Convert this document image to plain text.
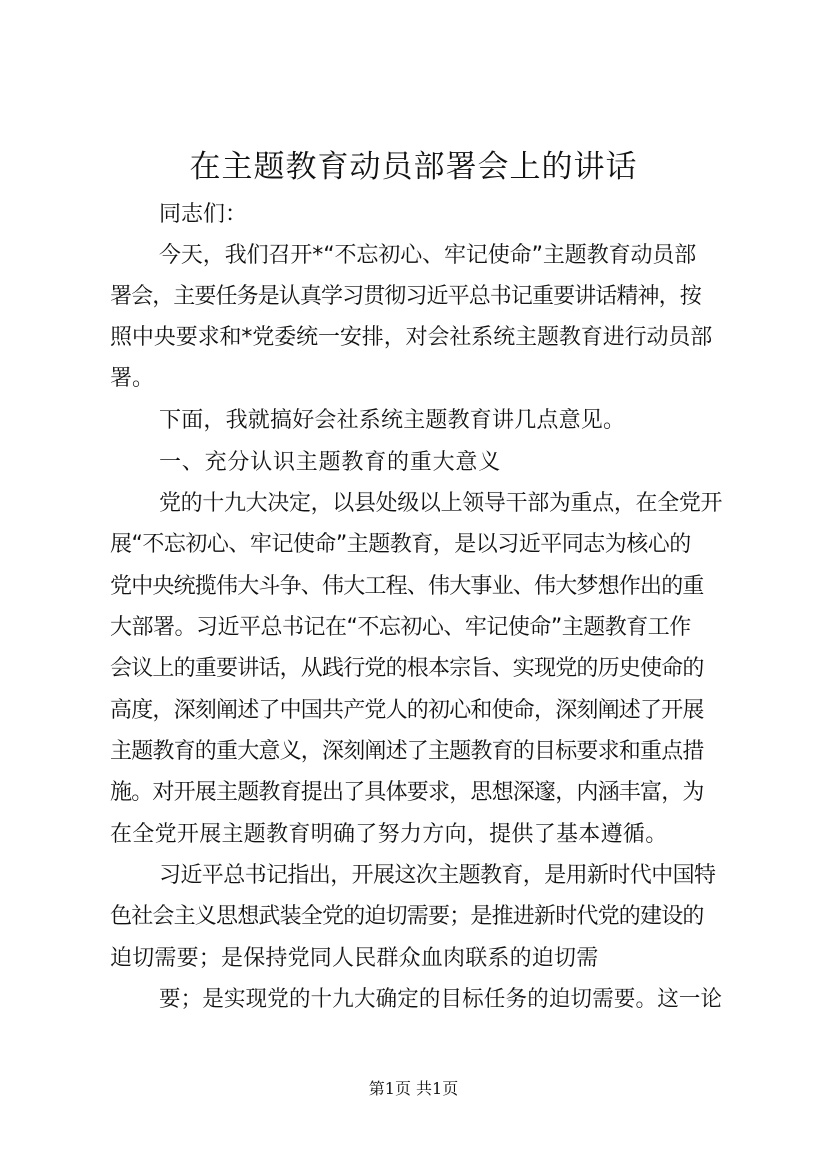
在主题教育动员部署会上的讲话
同志们：
今天，我们召开*“不忘初心、牢记使命”主题教育动员部
署会，主要任务是认真学习贯彻习近平总书记重要讲话精神，按
照中央要求和*党委统一安排，对会社系统主题教育进行动员部
署。
下面，我就搞好会社系统主题教育讲几点意见。
一、充分认识主题教育的重大意义
党的十九大决定，以县处级以上领导干部为重点，在全党开
展“不忘初心、牢记使命”主题教育，是以习近平同志为核心的
党中央统揽伟大斗争、伟大工程、伟大事业、伟大梦想作出的重
大部署。习近平总书记在“不忘初心、牢记使命”主题教育工作
会议上的重要讲话，从践行党的根本宗旨、实现党的历史使命的
高度，深刻阐述了中国共产党人的初心和使命，深刻阐述了开展
主题教育的重大意义，深刻阐述了主题教育的目标要求和重点措
施。对开展主题教育提出了具体要求，思想深邃，内涵丰富，为
在全党开展主题教育明确了努力方向，提供了基本遵循。
习近平总书记指出，开展这次主题教育，是用新时代中国特
色社会主义思想武装全党的迫切需要；是推进新时代党的建设的
迫切需要；是保持党同人民群众血肉联系的迫切需
要；是实现党的十九大确定的目标任务的迫切需要。这一论
第1页 共1页
